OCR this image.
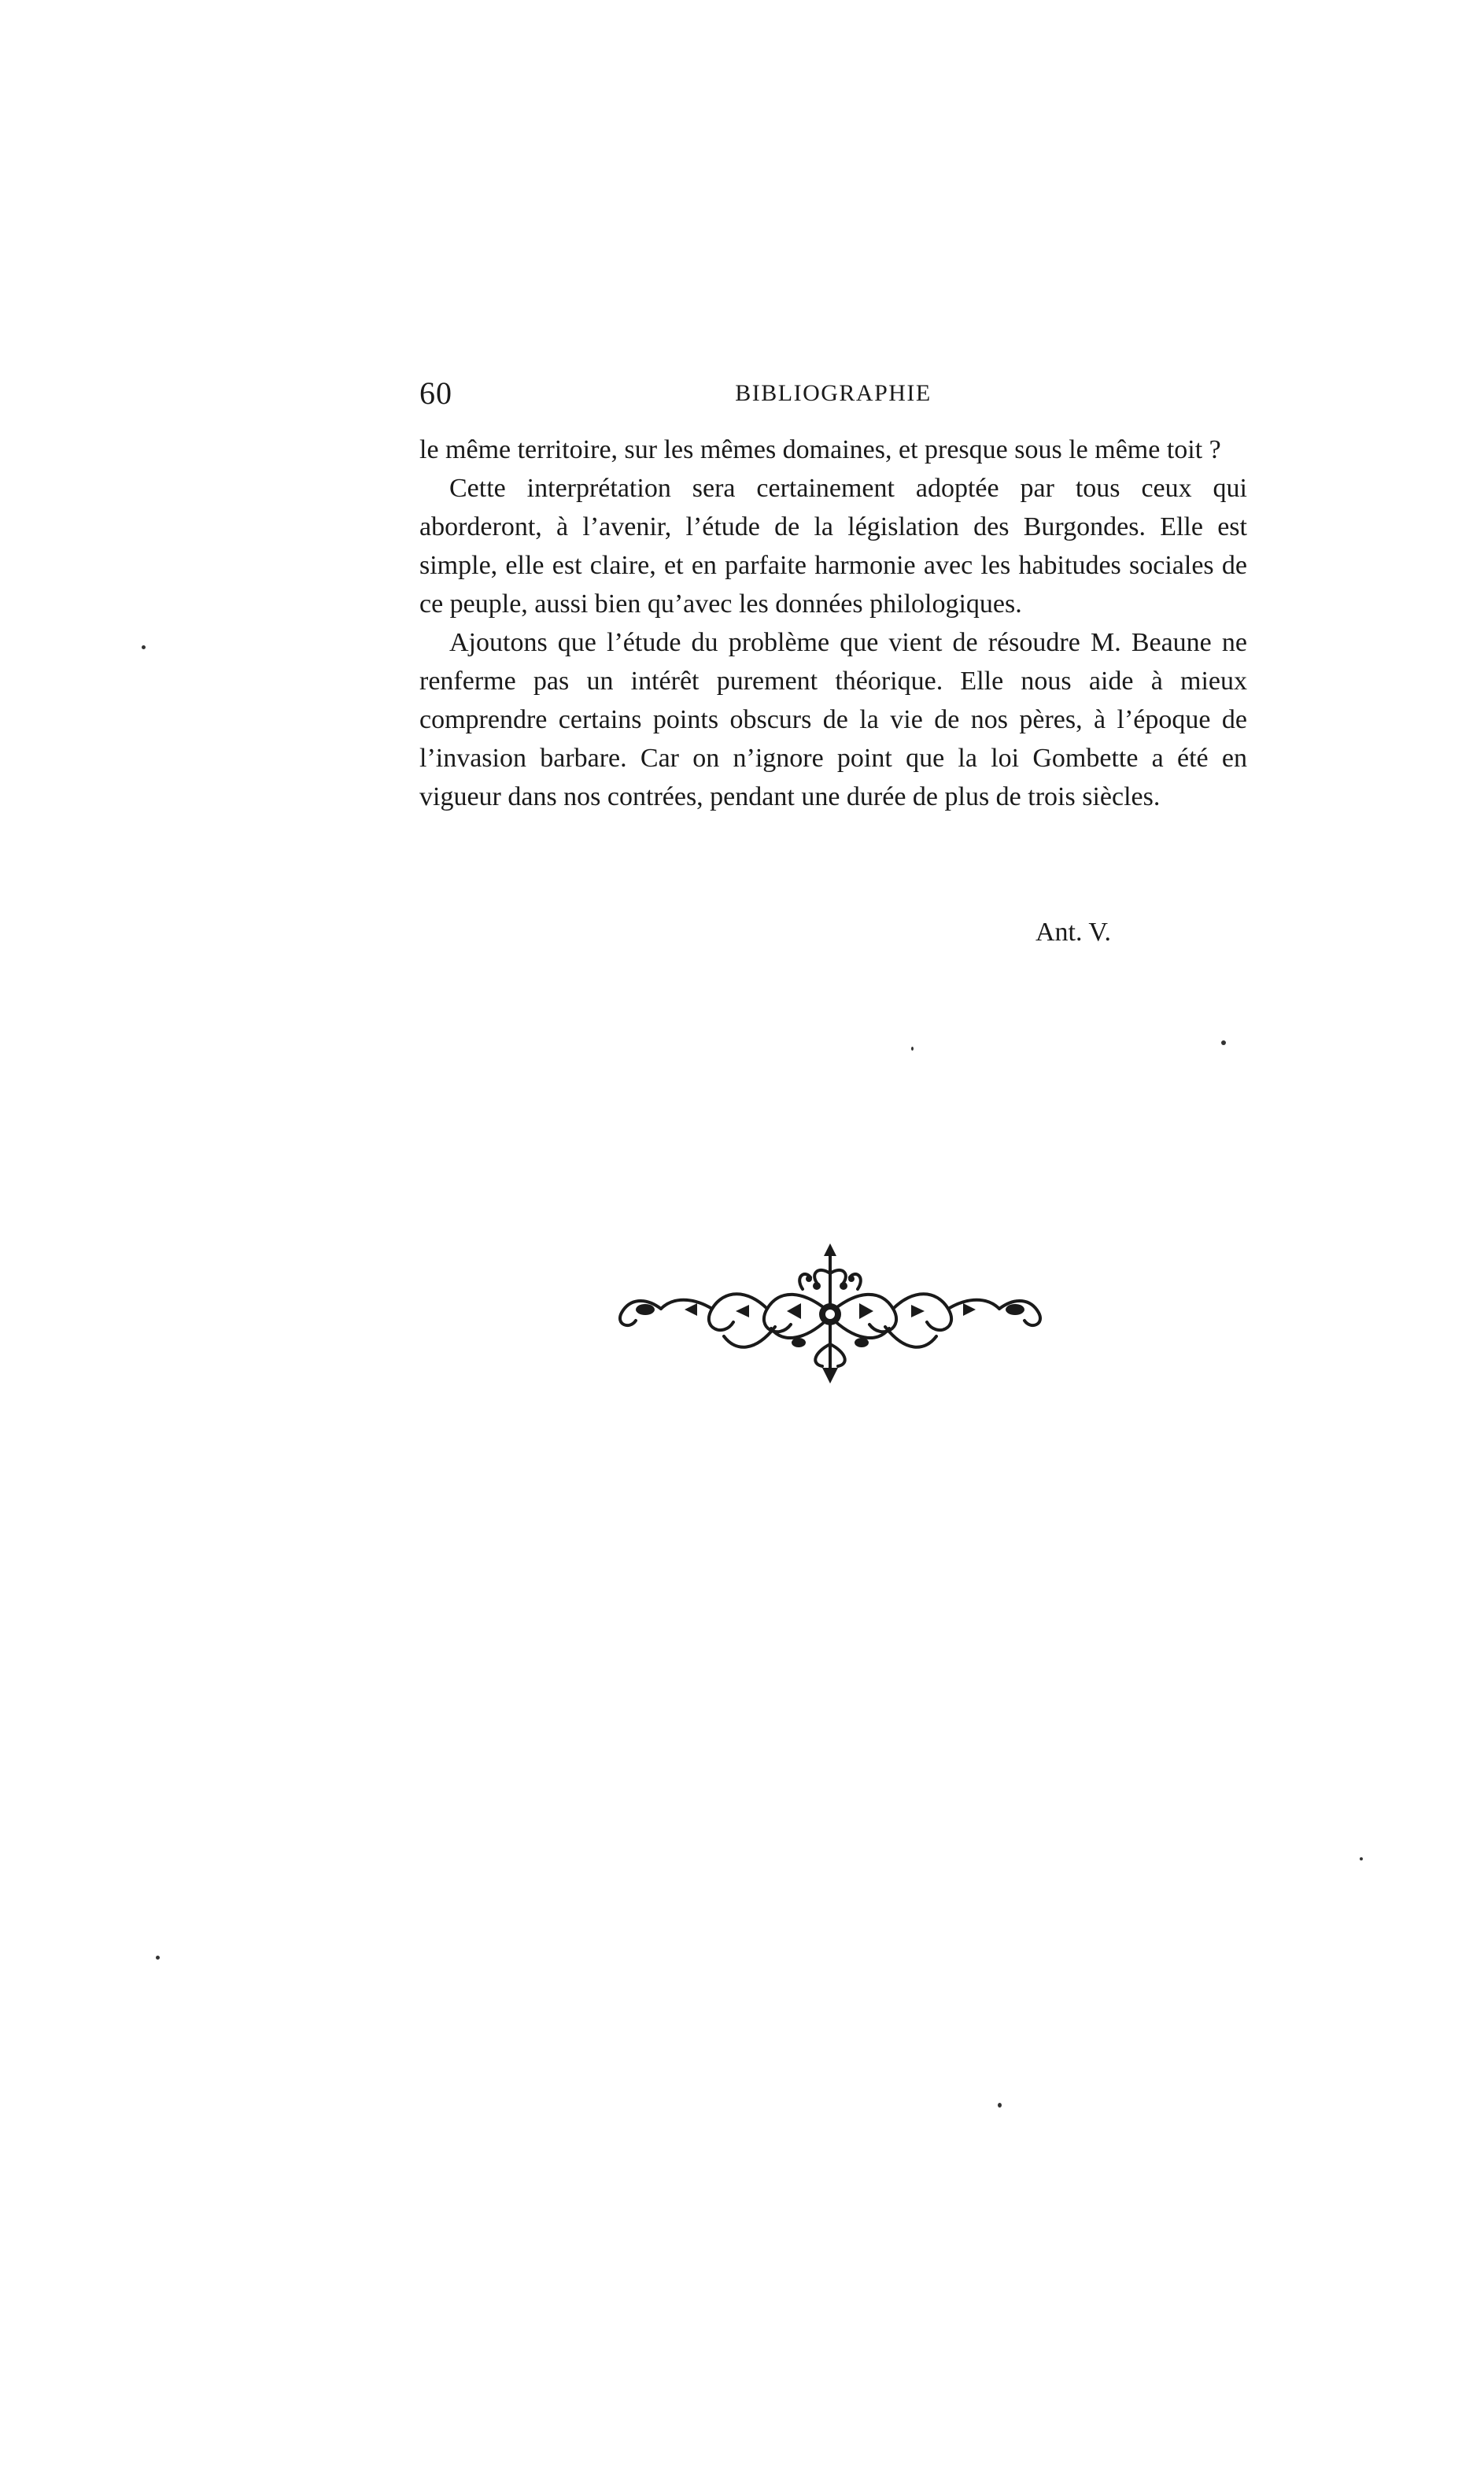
60	BIBLIOGRAPHIE

le même territoire, sur les mêmes domaines, et presque sous le même toit ?

Cette interprétation sera certainement adoptée par tous ceux qui aborderont, à l’avenir, l’étude de la législation des Burgondes. Elle est simple, elle est claire, et en parfaite harmonie avec les habitudes sociales de ce peuple, aussi bien qu’avec les données philologiques.

Ajoutons que l’étude du problème que vient de résoudre M. Beaune ne renferme pas un intérêt purement théorique. Elle nous aide à mieux comprendre certains points obscurs de la vie de nos pères, à l’époque de l’invasion barbare. Car on n’ignore point que la loi Gombette a été en vigueur dans nos contrées, pendant une durée de plus de trois siècles.

Ant. V.
